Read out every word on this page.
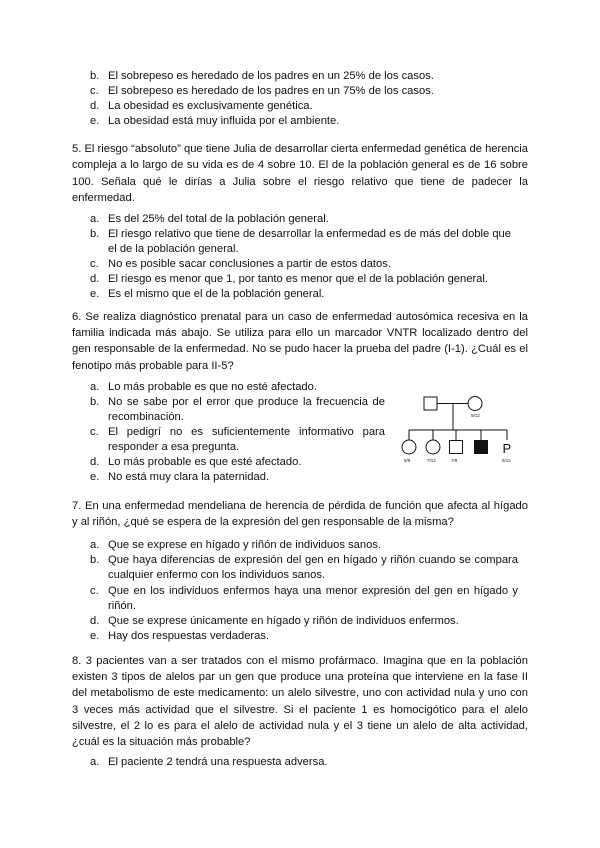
b. El sobrepeso es heredado de los padres en un 25% de los casos.
c. El sobrepeso es heredado de los padres en un 75% de los casos.
d. La obesidad es exclusivamente genética.
e. La obesidad está muy influida por el ambiente.

5. El riesgo “absoluto” que tiene Julia de desarrollar cierta enfermedad genética de herencia compleja a lo largo de su vida es de 4 sobre 10. El de la población general es de 16 sobre 100. Señala qué le dirías a Julia sobre el riesgo relativo que tiene de padecer la enfermedad.

a. Es del 25% del total de la población general.
b. El riesgo relativo que tiene de desarrollar la enfermedad es de más del doble que el de la población general.
c. No es posible sacar conclusiones a partir de estos datos.
d. El riesgo es menor que 1, por tanto es menor que el de la población general.
e. Es el mismo que el de la población general.

6. Se realiza diagnóstico prenatal para un caso de enfermedad autosómica recesiva en la familia indicada más abajo. Se utiliza para ello un marcador VNTR localizado dentro del gen responsable de la enfermedad. No se pudo hacer la prueba del padre (I-1). ¿Cuál es el fenotipo más probable para II-5?

a. Lo más probable es que no esté afectado.
b. No se sabe por el error que produce la frecuencia de recombinación.
c. El pedigrí no es suficientemente informativo para responder a esa pregunta.
d. Lo más probable es que esté afectado.
e. No está muy clara la paternidad.
9/12
P
9/9	7/12	7/9	9/12

7. En una enfermedad mendeliana de herencia de pérdida de función que afecta al hígado y al riñón, ¿qué se espera de la expresión del gen responsable de la misma?

a. Que se exprese en hígado y riñón de individuos sanos.
b. Que haya diferencias de expresión del gen en hígado y riñón cuando se compara cualquier enfermo con los individuos sanos.
c. Que en los individuos enfermos haya una menor expresión del gen en hígado y riñón.
d. Que se exprese únicamente en hígado y riñón de individuos enfermos.
e. Hay dos respuestas verdaderas.

8. 3 pacientes van a ser tratados con el mismo profármaco. Imagina que en la población existen 3 tipos de alelos par un gen que produce una proteína que interviene en la fase II del metabolismo de este medicamento: un alelo silvestre, uno con actividad nula y uno con 3 veces más actividad que el silvestre. Si el paciente 1 es homocigótico para el alelo silvestre, el 2 lo es para el alelo de actividad nula y el 3 tiene un alelo de alta actividad, ¿cuál es la situación más probable?

a. El paciente 2 tendrá una respuesta adversa.
